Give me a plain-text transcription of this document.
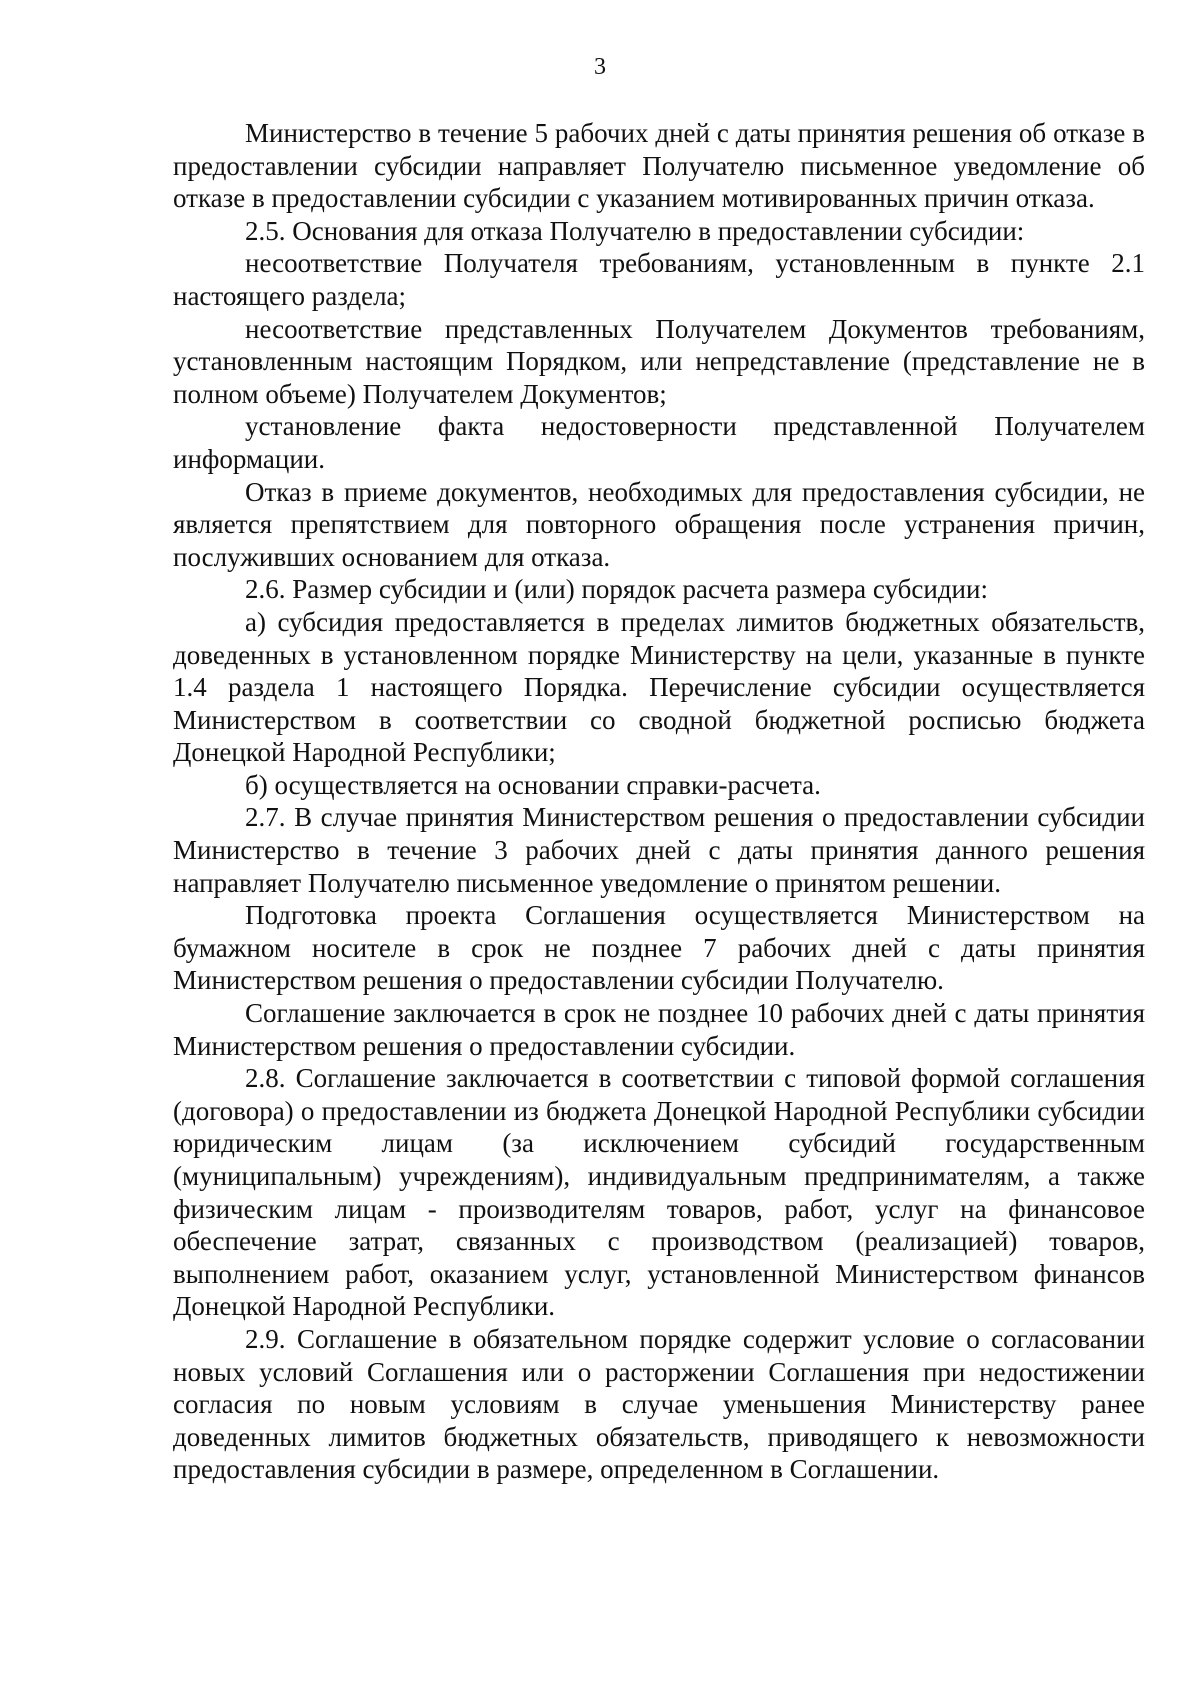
3

Министерство в течение 5 рабочих дней с даты принятия решения об отказе в предоставлении субсидии направляет Получателю письменное уведомление об отказе в предоставлении субсидии с указанием мотивированных причин отказа.

2.5. Основания для отказа Получателю в предоставлении субсидии:

несоответствие Получателя требованиям, установленным в пункте 2.1 настоящего раздела;

несоответствие представленных Получателем Документов требованиям, установленным настоящим Порядком, или непредставление (представление не в полном объеме) Получателем Документов;

установление факта недостоверности представленной Получателем информации.

Отказ в приеме документов, необходимых для предоставления субсидии, не является препятствием для повторного обращения после устранения причин, послуживших основанием для отказа.

2.6. Размер субсидии и (или) порядок расчета размера субсидии:

а) субсидия предоставляется в пределах лимитов бюджетных обязательств, доведенных в установленном порядке Министерству на цели, указанные в пункте 1.4 раздела 1 настоящего Порядка. Перечисление субсидии осуществляется Министерством в соответствии со сводной бюджетной росписью бюджета Донецкой Народной Республики;

б) осуществляется на основании справки-расчета.

2.7. В случае принятия Министерством решения о предоставлении субсидии Министерство в течение 3 рабочих дней с даты принятия данного решения направляет Получателю письменное уведомление о принятом решении.

Подготовка проекта Соглашения осуществляется Министерством на бумажном носителе в срок не позднее 7 рабочих дней с даты принятия Министерством решения о предоставлении субсидии Получателю.

Соглашение заключается в срок не позднее 10 рабочих дней с даты принятия Министерством решения о предоставлении субсидии.

2.8. Соглашение заключается в соответствии с типовой формой соглашения (договора) о предоставлении из бюджета Донецкой Народной Республики субсидии юридическим лицам (за исключением субсидий государственным (муниципальным) учреждениям), индивидуальным предпринимателям, а также физическим лицам - производителям товаров, работ, услуг на финансовое обеспечение затрат, связанных с производством (реализацией) товаров, выполнением работ, оказанием услуг, установленной Министерством финансов Донецкой Народной Республики.

2.9. Соглашение в обязательном порядке содержит условие о согласовании новых условий Соглашения или о расторжении Соглашения при недостижении согласия по новым условиям в случае уменьшения Министерству ранее доведенных лимитов бюджетных обязательств, приводящего к невозможности предоставления субсидии в размере, определенном в Соглашении.
